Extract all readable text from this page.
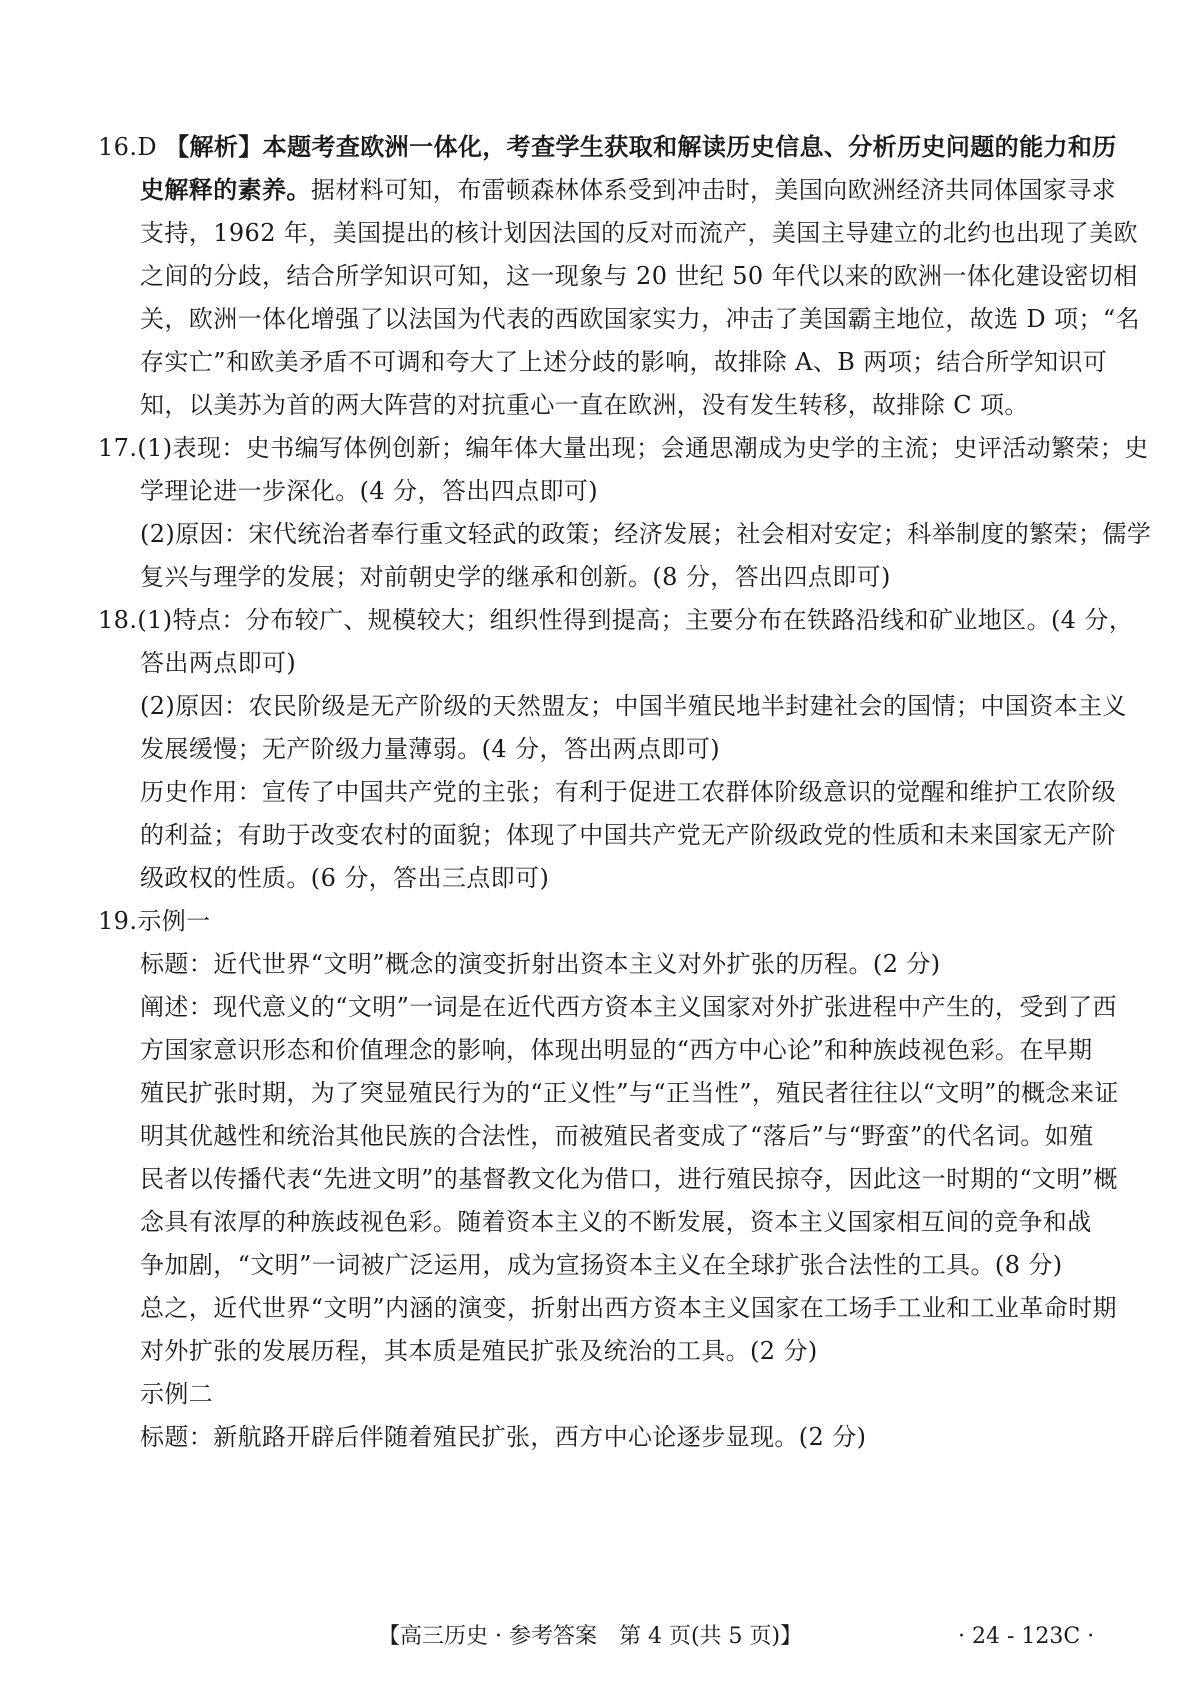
16.D 【解析】本题考查欧洲一体化，考查学生获取和解读历史信息、分析历史问题的能力和历
史解释的素养。据材料可知，布雷顿森林体系受到冲击时，美国向欧洲经济共同体国家寻求
支持，1962 年，美国提出的核计划因法国的反对而流产，美国主导建立的北约也出现了美欧
之间的分歧，结合所学知识可知，这一现象与 20 世纪 50 年代以来的欧洲一体化建设密切相
关，欧洲一体化增强了以法国为代表的西欧国家实力，冲击了美国霸主地位，故选 D 项；“名
存实亡”和欧美矛盾不可调和夸大了上述分歧的影响，故排除 A、B 两项；结合所学知识可
知，以美苏为首的两大阵营的对抗重心一直在欧洲，没有发生转移，故排除 C 项。
17.(1)表现：史书编写体例创新；编年体大量出现；会通思潮成为史学的主流；史评活动繁荣；史
学理论进一步深化。(4 分，答出四点即可)
(2)原因：宋代统治者奉行重文轻武的政策；经济发展；社会相对安定；科举制度的繁荣；儒学
复兴与理学的发展；对前朝史学的继承和创新。(8 分，答出四点即可)
18.(1)特点：分布较广、规模较大；组织性得到提高；主要分布在铁路沿线和矿业地区。(4 分，
答出两点即可)
(2)原因：农民阶级是无产阶级的天然盟友；中国半殖民地半封建社会的国情；中国资本主义
发展缓慢；无产阶级力量薄弱。(4 分，答出两点即可)
历史作用：宣传了中国共产党的主张；有利于促进工农群体阶级意识的觉醒和维护工农阶级
的利益；有助于改变农村的面貌；体现了中国共产党无产阶级政党的性质和未来国家无产阶
级政权的性质。(6 分，答出三点即可)
19.示例一
标题：近代世界“文明”概念的演变折射出资本主义对外扩张的历程。(2 分)
阐述：现代意义的“文明”一词是在近代西方资本主义国家对外扩张进程中产生的，受到了西
方国家意识形态和价值理念的影响，体现出明显的“西方中心论”和种族歧视色彩。在早期
殖民扩张时期，为了突显殖民行为的“正义性”与“正当性”，殖民者往往以“文明”的概念来证
明其优越性和统治其他民族的合法性，而被殖民者变成了“落后”与“野蛮”的代名词。如殖
民者以传播代表“先进文明”的基督教文化为借口，进行殖民掠夺，因此这一时期的“文明”概
念具有浓厚的种族歧视色彩。随着资本主义的不断发展，资本主义国家相互间的竞争和战
争加剧，“文明”一词被广泛运用，成为宣扬资本主义在全球扩张合法性的工具。(8 分)
总之，近代世界“文明”内涵的演变，折射出西方资本主义国家在工场手工业和工业革命时期
对外扩张的发展历程，其本质是殖民扩张及统治的工具。(2 分)
示例二
标题：新航路开辟后伴随着殖民扩张，西方中心论逐步显现。(2 分)
【高三历史 · 参考答案　第 4 页(共 5 页)】	· 24 - 123C ·
